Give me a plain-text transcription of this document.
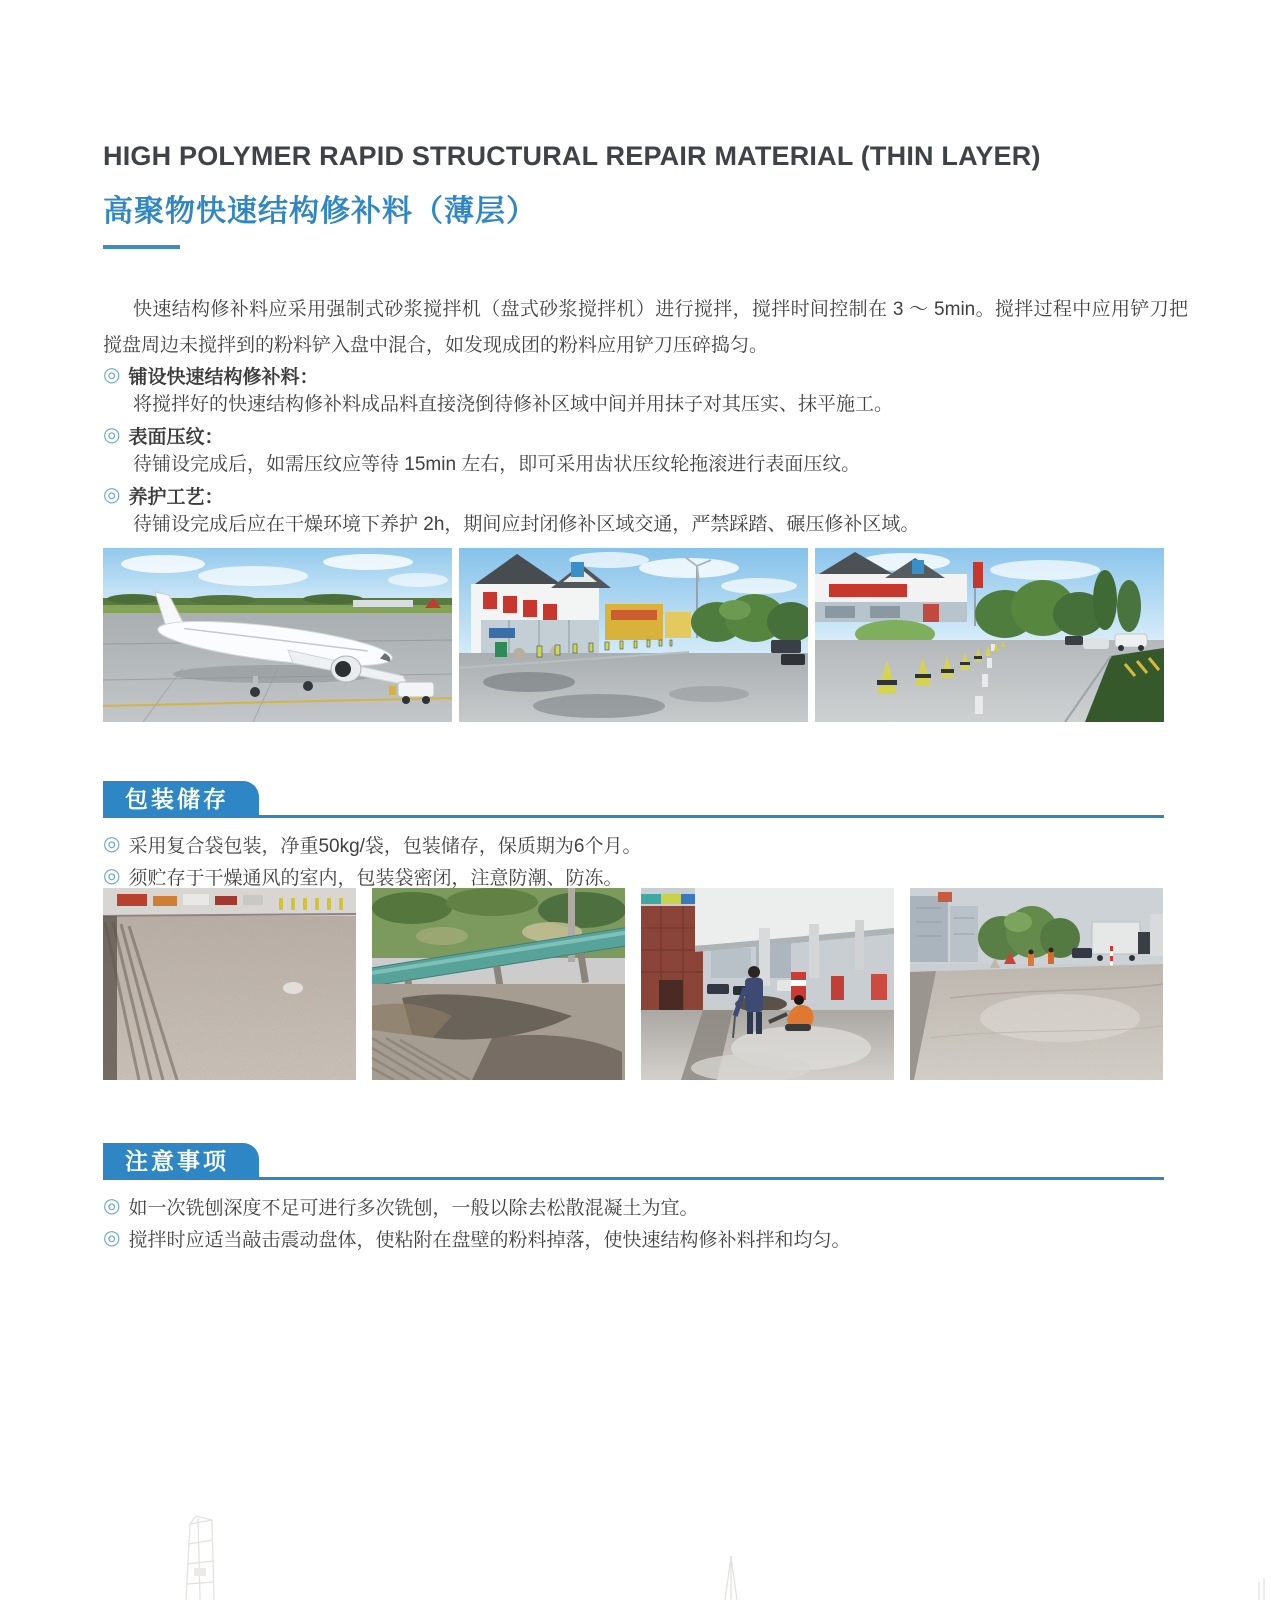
HIGH POLYMER RAPID STRUCTURAL REPAIR MATERIAL (THIN LAYER)
高聚物快速结构修补料（薄层）
快速结构修补料应采用强制式砂浆搅拌机（盘式砂浆搅拌机）进行搅拌，搅拌时间控制在 3 ～ 5min。搅拌过程中应用铲刀把搅盘周边未搅拌到的粉料铲入盘中混合，如发现成团的粉料应用铲刀压碎捣匀。
◎ 铺设快速结构修补料：
将搅拌好的快速结构修补料成品料直接浇倒待修补区域中间并用抹子对其压实、抹平施工。
◎ 表面压纹：
待铺设完成后，如需压纹应等待 15min 左右，即可采用齿状压纹轮拖滚进行表面压纹。
◎ 养护工艺：
待铺设完成后应在干燥环境下养护 2h，期间应封闭修补区域交通，严禁踩踏、碾压修补区域。
包装储存
◎ 采用复合袋包装，净重50kg/袋，包装储存，保质期为6个月。
◎ 须贮存于干燥通风的室内，包装袋密闭，注意防潮、防冻。
注意事项
◎ 如一次铣刨深度不足可进行多次铣刨，一般以除去松散混凝土为宜。
◎ 搅拌时应适当敲击震动盘体，使粘附在盘壁的粉料掉落，使快速结构修补料拌和均匀。
